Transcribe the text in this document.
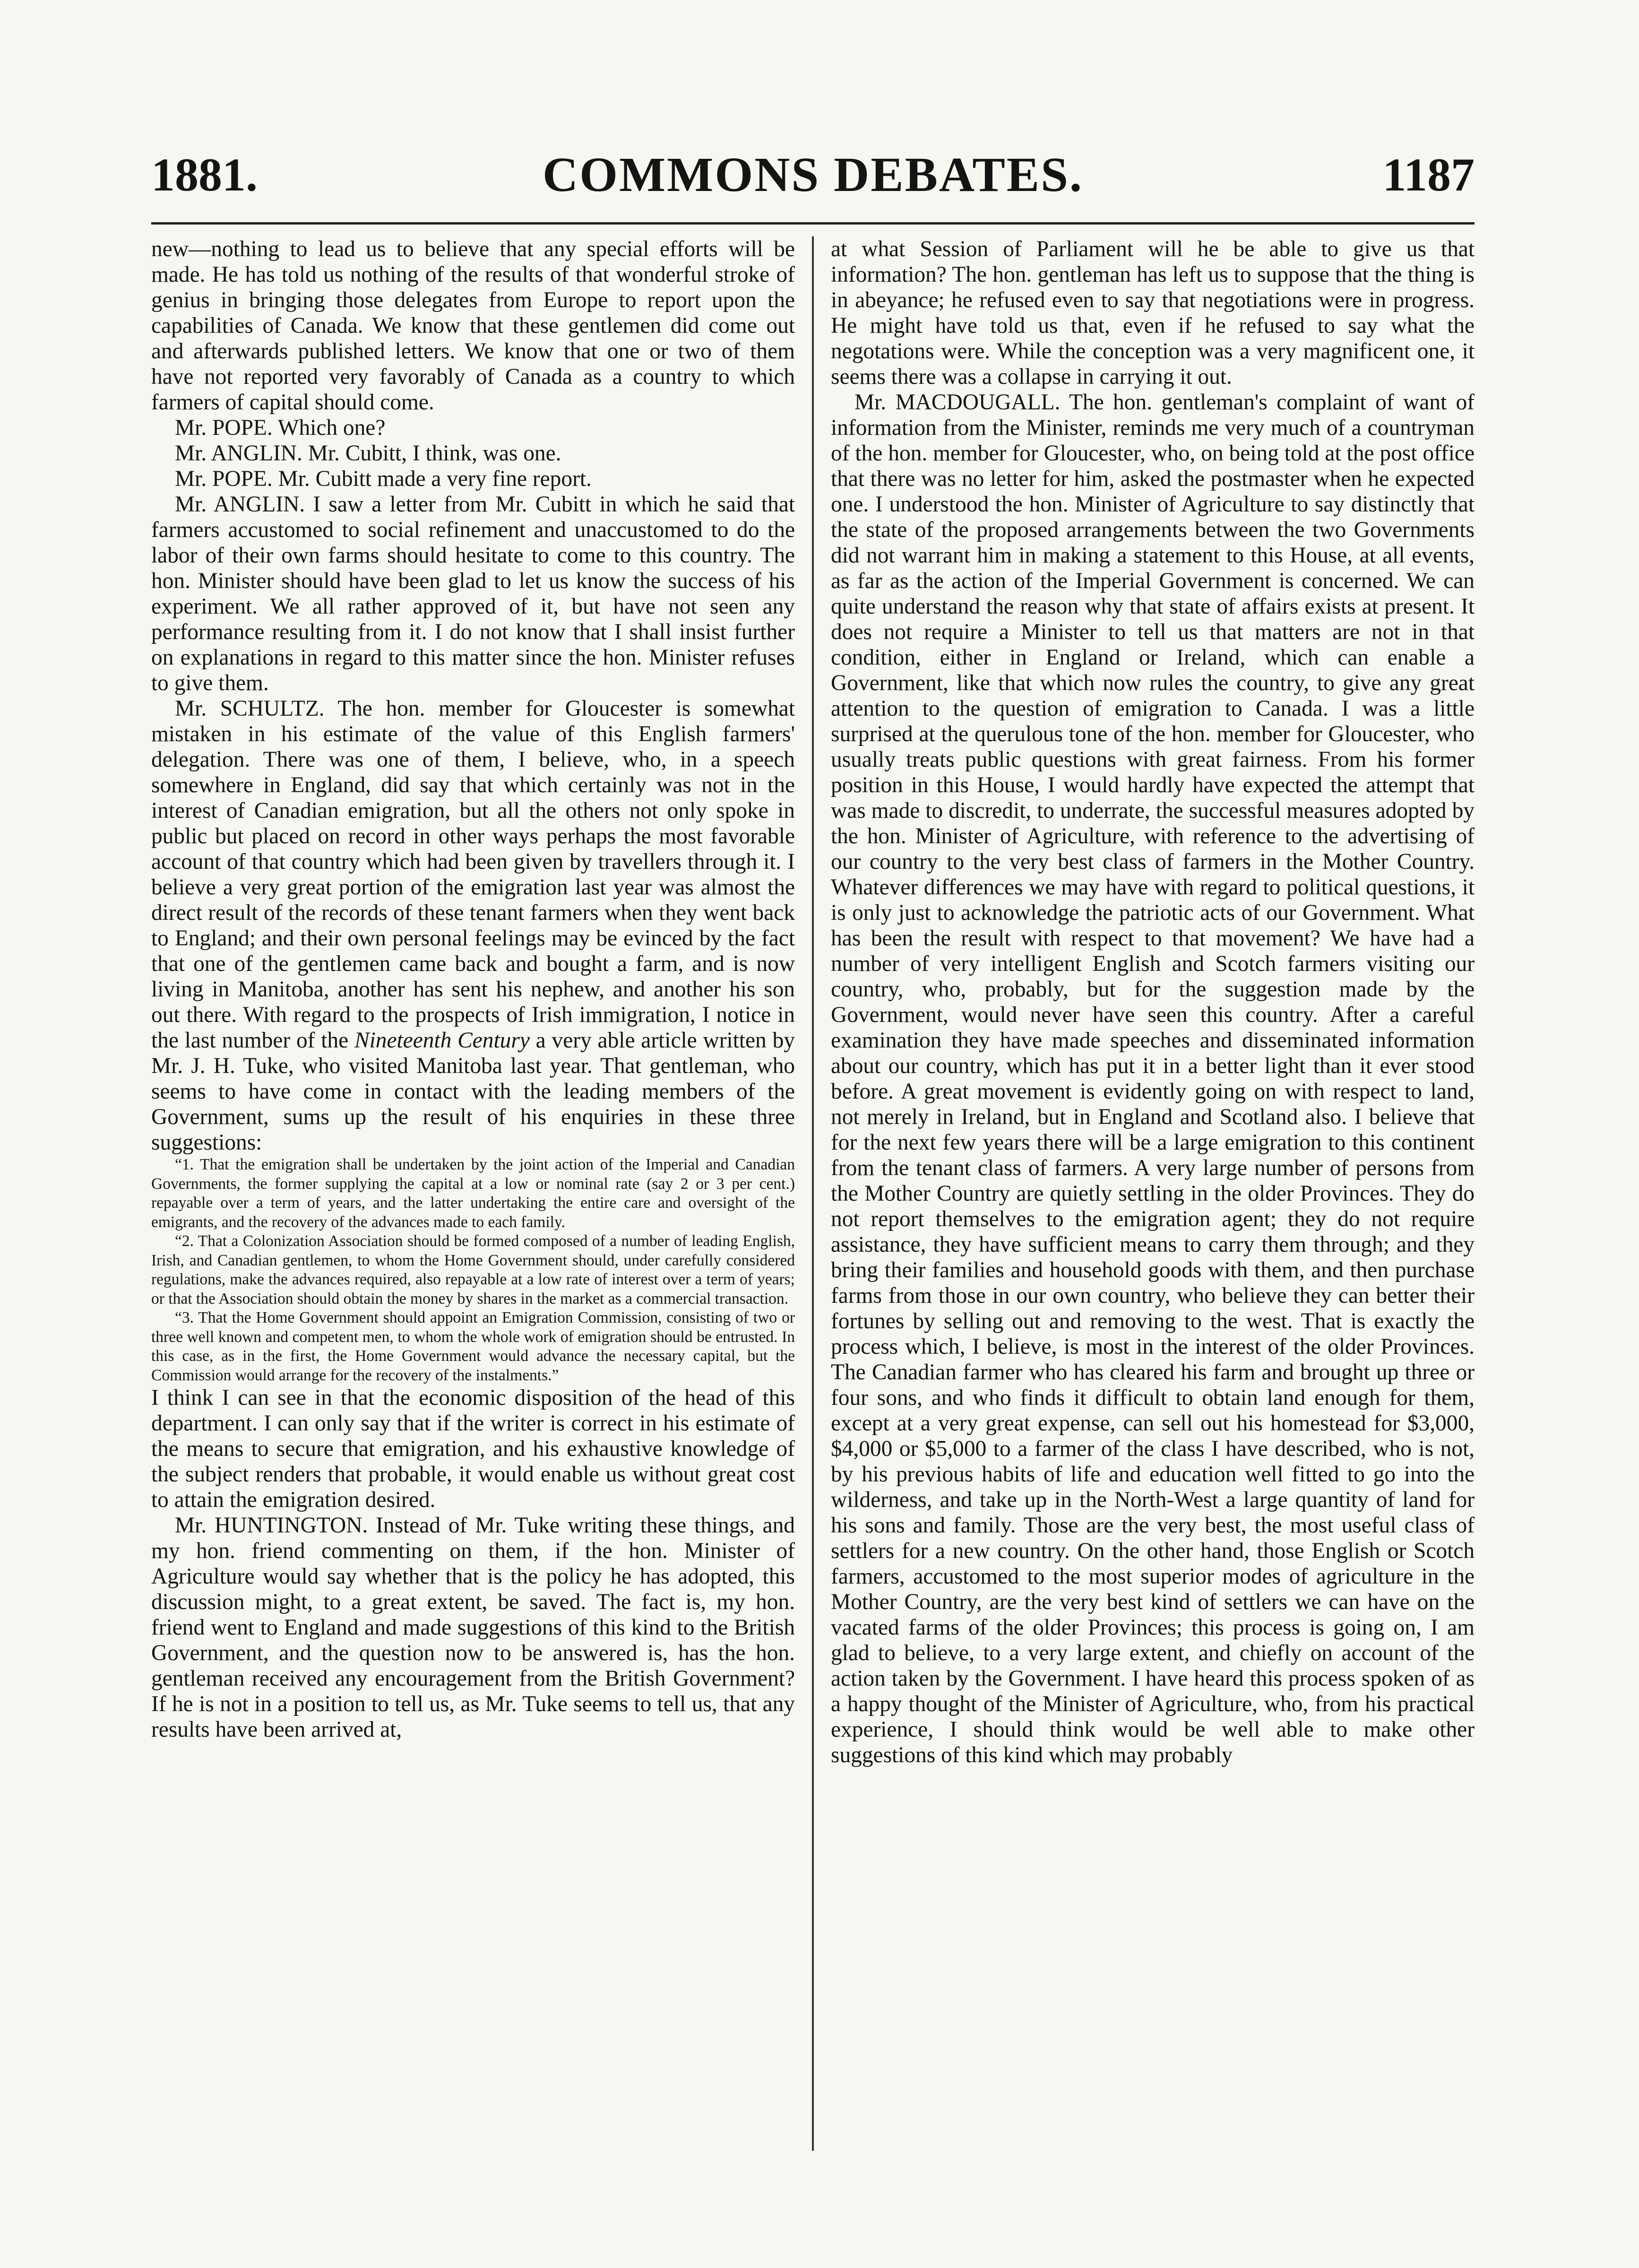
1881.	COMMONS DEBATES.	1187

new—nothing to lead us to believe that any special efforts will be made. He has told us nothing of the results of that wonderful stroke of genius in bringing those delegates from Europe to report upon the capabilities of Canada. We know that these gentlemen did come out and afterwards published letters. We know that one or two of them have not reported very favorably of Canada as a country to which farmers of capital should come.

Mr. POPE. Which one?

Mr. ANGLIN. Mr. Cubitt, I think, was one.

Mr. POPE. Mr. Cubitt made a very fine report.

Mr. ANGLIN. I saw a letter from Mr. Cubitt in which he said that farmers accustomed to social refinement and unaccustomed to do the labor of their own farms should hesitate to come to this country. The hon. Minister should have been glad to let us know the success of his experiment. We all rather approved of it, but have not seen any performance resulting from it. I do not know that I shall insist further on explanations in regard to this matter since the hon. Minister refuses to give them.

Mr. SCHULTZ. The hon. member for Gloucester is somewhat mistaken in his estimate of the value of this English farmers' delegation. There was one of them, I believe, who, in a speech somewhere in England, did say that which certainly was not in the interest of Canadian emigration, but all the others not only spoke in public but placed on record in other ways perhaps the most favorable account of that country which had been given by travellers through it. I believe a very great portion of the emigration last year was almost the direct result of the records of these tenant farmers when they went back to England; and their own personal feelings may be evinced by the fact that one of the gentlemen came back and bought a farm, and is now living in Manitoba, another has sent his nephew, and another his son out there. With regard to the prospects of Irish immigration, I notice in the last number of the Nineteenth Century a very able article written by Mr. J. H. Tuke, who visited Manitoba last year. That gentleman, who seems to have come in contact with the leading members of the Government, sums up the result of his enquiries in these three suggestions:

“1. That the emigration shall be undertaken by the joint action of the Imperial and Canadian Governments, the former supplying the capital at a low or nominal rate (say 2 or 3 per cent.) repayable over a term of years, and the latter undertaking the entire care and oversight of the emigrants, and the recovery of the advances made to each family.

“2. That a Colonization Association should be formed composed of a number of leading English, Irish, and Canadian gentlemen, to whom the Home Government should, under carefully considered regulations, make the advances required, also repayable at a low rate of interest over a term of years; or that the Association should obtain the money by shares in the market as a commercial transaction.

“3. That the Home Government should appoint an Emigration Commission, consisting of two or three well known and competent men, to whom the whole work of emigration should be entrusted. In this case, as in the first, the Home Government would advance the necessary capital, but the Commission would arrange for the recovery of the instalments.”

I think I can see in that the economic disposition of the head of this department. I can only say that if the writer is correct in his estimate of the means to secure that emigration, and his exhaustive knowledge of the subject renders that probable, it would enable us without great cost to attain the emigration desired.

Mr. HUNTINGTON. Instead of Mr. Tuke writing these things, and my hon. friend commenting on them, if the hon. Minister of Agriculture would say whether that is the policy he has adopted, this discussion might, to a great extent, be saved. The fact is, my hon. friend went to England and made suggestions of this kind to the British Government, and the question now to be answered is, has the hon. gentleman received any encouragement from the British Government? If he is not in a position to tell us, as Mr. Tuke seems to tell us, that any results have been arrived at,

at what Session of Parliament will he be able to give us that information? The hon. gentleman has left us to suppose that the thing is in abeyance; he refused even to say that negotiations were in progress. He might have told us that, even if he refused to say what the negotations were. While the conception was a very magnificent one, it seems there was a collapse in carrying it out.

Mr. MACDOUGALL. The hon. gentleman's complaint of want of information from the Minister, reminds me very much of a countryman of the hon. member for Gloucester, who, on being told at the post office that there was no letter for him, asked the postmaster when he expected one. I understood the hon. Minister of Agriculture to say distinctly that the state of the proposed arrangements between the two Governments did not warrant him in making a statement to this House, at all events, as far as the action of the Imperial Government is concerned. We can quite understand the reason why that state of affairs exists at present. It does not require a Minister to tell us that matters are not in that condition, either in England or Ireland, which can enable a Government, like that which now rules the country, to give any great attention to the question of emigration to Canada. I was a little surprised at the querulous tone of the hon. member for Gloucester, who usually treats public questions with great fairness. From his former position in this House, I would hardly have expected the attempt that was made to discredit, to underrate, the successful measures adopted by the hon. Minister of Agriculture, with reference to the advertising of our country to the very best class of farmers in the Mother Country. Whatever differences we may have with regard to political questions, it is only just to acknowledge the patriotic acts of our Government. What has been the result with respect to that movement? We have had a number of very intelligent English and Scotch farmers visiting our country, who, probably, but for the suggestion made by the Government, would never have seen this country. After a careful examination they have made speeches and disseminated information about our country, which has put it in a better light than it ever stood before. A great movement is evidently going on with respect to land, not merely in Ireland, but in England and Scotland also. I believe that for the next few years there will be a large emigration to this continent from the tenant class of farmers. A very large number of persons from the Mother Country are quietly settling in the older Provinces. They do not report themselves to the emigration agent; they do not require assistance, they have sufficient means to carry them through; and they bring their families and household goods with them, and then purchase farms from those in our own country, who believe they can better their fortunes by selling out and removing to the west. That is exactly the process which, I believe, is most in the interest of the older Provinces. The Canadian farmer who has cleared his farm and brought up three or four sons, and who finds it difficult to obtain land enough for them, except at a very great expense, can sell out his homestead for $3,000, $4,000 or $5,000 to a farmer of the class I have described, who is not, by his previous habits of life and education well fitted to go into the wilderness, and take up in the North-West a large quantity of land for his sons and family. Those are the very best, the most useful class of settlers for a new country. On the other hand, those English or Scotch farmers, accustomed to the most superior modes of agriculture in the Mother Country, are the very best kind of settlers we can have on the vacated farms of the older Provinces; this process is going on, I am glad to believe, to a very large extent, and chiefly on account of the action taken by the Government. I have heard this process spoken of as a happy thought of the Minister of Agriculture, who, from his practical experience, I should think would be well able to make other suggestions of this kind which may probably
